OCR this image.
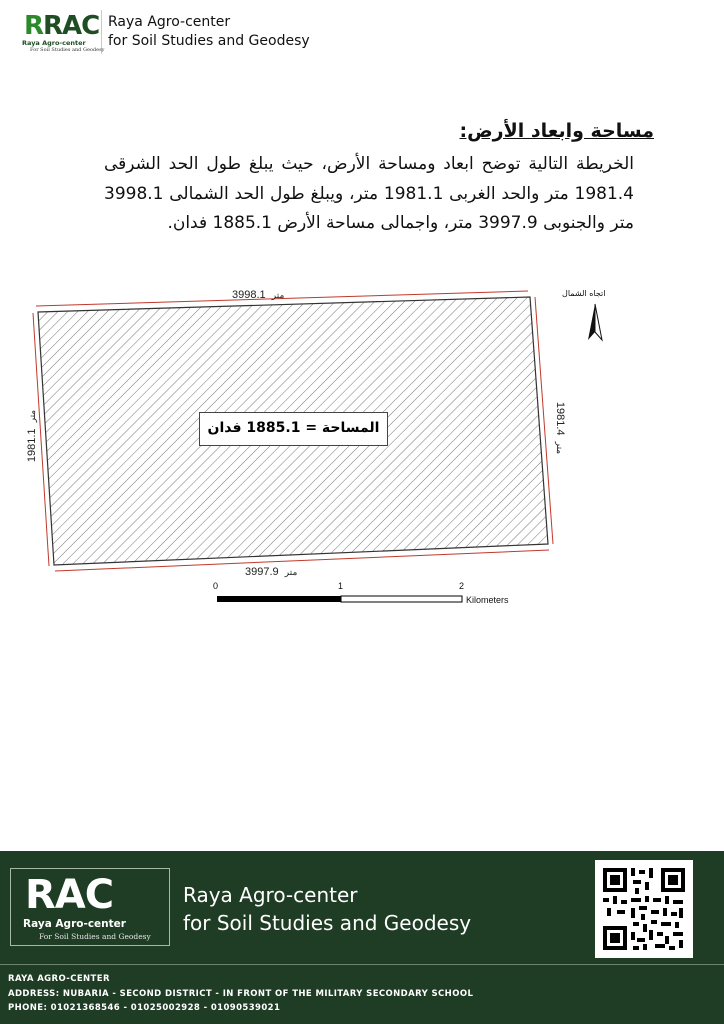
RRAC
Raya Agro-center
For Soil Studies and Geodesy
Raya Agro-center
for Soil Studies and Geodesy
مساحة وابعاد الأرض:
الخريطة التالية توضح ابعاد ومساحة الأرض، حيث يبلغ طول الحد الشرقى 1981.4 متر والحد الغربى 1981.1 متر، ويبلغ طول الحد الشمالى 3998.1 متر والجنوبى 3997.9 متر، واجمالى مساحة الأرض 1885.1 فدان.
اتجاه الشمال
متر  3998.1
متر  3997.9
متر  1981.1
1981.4  متر
المساحة = 1885.1 فدان
0	1	2
Kilometers
RAC
Raya Agro-center
For Soil Studies and Geodesy
Raya Agro-center
for Soil Studies and Geodesy
RAYA AGRO-CENTER
ADDRESS: NUBARIA - SECOND DISTRICT - IN FRONT OF THE MILITARY SECONDARY SCHOOL
PHONE: 01021368546 - 01025002928 - 01090539021
